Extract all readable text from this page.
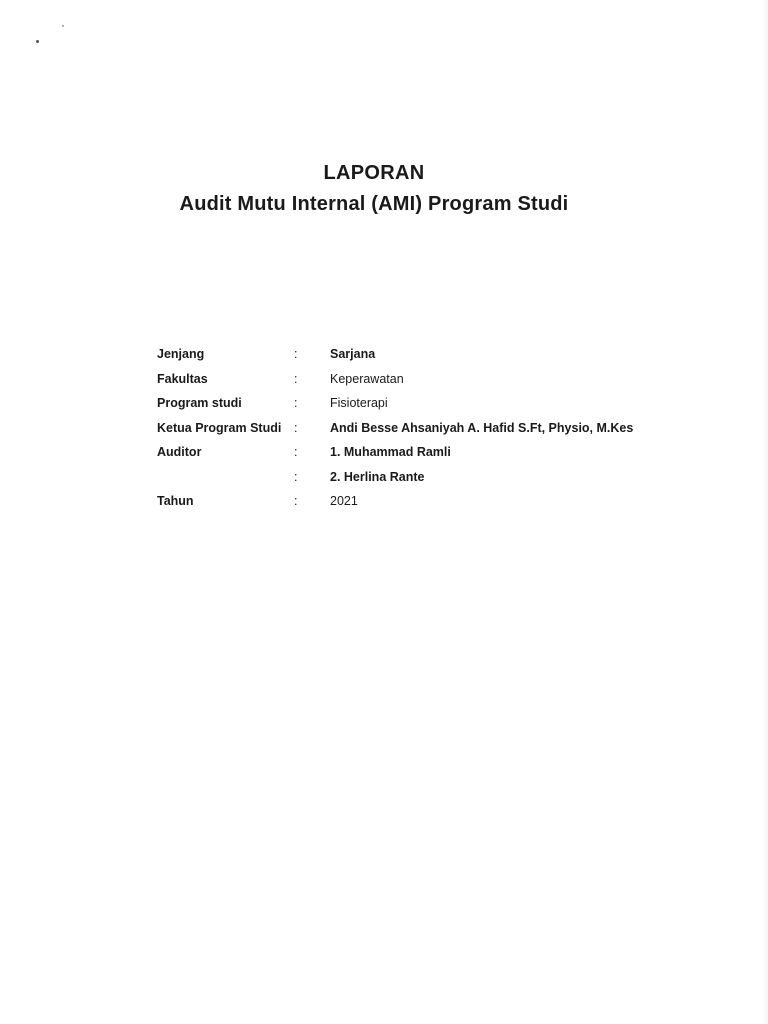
LAPORAN

Audit Mutu Internal (AMI) Program Studi

Jenjang	:	Sarjana
Fakultas	:	Keperawatan
Program studi	:	Fisioterapi
Ketua Program Studi	:	Andi Besse Ahsaniyah A. Hafid S.Ft, Physio, M.Kes
Auditor	:	1. Muhammad Ramli
	:	2. Herlina Rante
Tahun	:	2021
